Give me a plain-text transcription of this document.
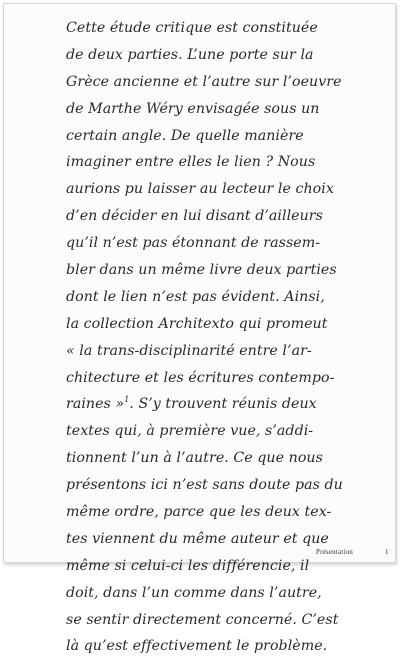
Cette étude critique est constituée
de deux parties. L’une porte sur la
Grèce ancienne et l’autre sur l’oeuvre
de Marthe Wéry envisagée sous un
certain angle. De quelle manière
imaginer entre elles le lien ? Nous
aurions pu laisser au lecteur le choix
d’en décider en lui disant d’ailleurs
qu’il n’est pas étonnant de rassem-
bler dans un même livre deux parties
dont le lien n’est pas évident. Ainsi,
la collection Architexto qui promeut
« la trans-disciplinarité entre l’ar-
chitecture et les écritures contempo-
raines »$^1$. S’y trouvent réunis deux
textes qui, à première vue, s’addi-
tionnent l’un à l’autre. Ce que nous
présentons ici n’est sans doute pas du
même ordre, parce que les deux tex-
tes viennent du même auteur et que
même si celui-ci les différencie, il
doit, dans l’un comme dans l’autre,
se sentir directement concerné. C’est
là qu’est effectivement le problème.
Présentation	1
